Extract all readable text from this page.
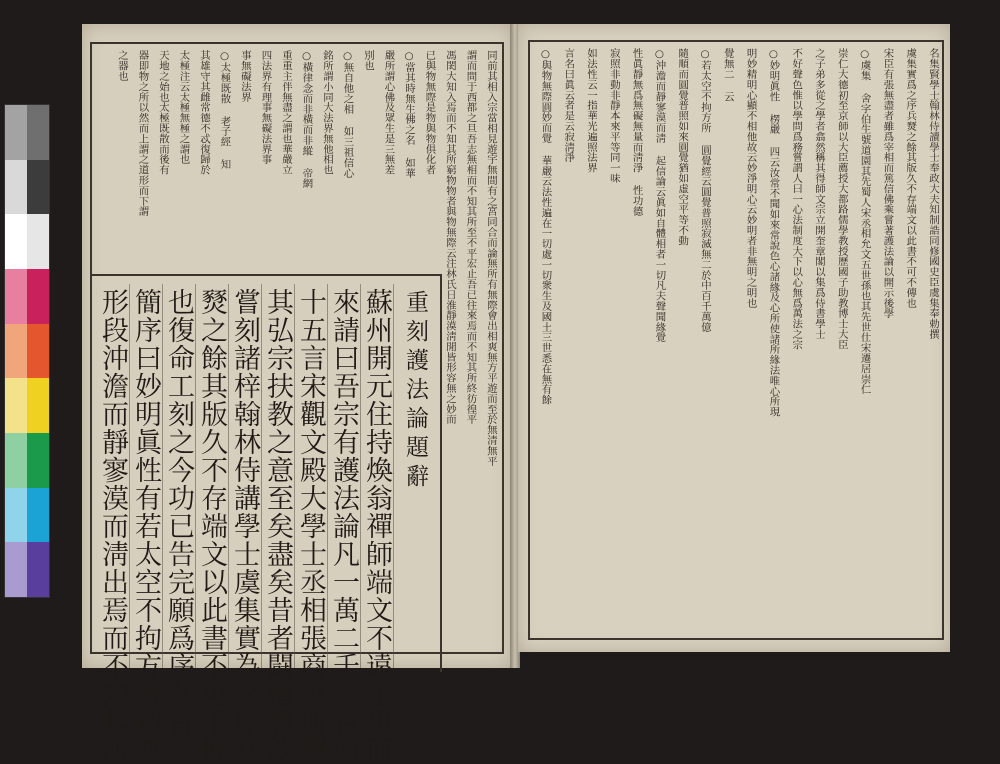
同前其相入宗當相見遊宇無間有之宮同合而論無所有無際會出相爽無方平遊而至於無清無平
謂而問于西都之旦吾志無相而不知其所至不平宏止吾已往來焉而不知其所終彷徨平
馮閎大知入焉而不知其所窮物物者與物無際云注林氏日淮靜漠淸閒皆形容無之妙而
已與物無際是物與物俱化者
○當其時無生佛之名 如華
嚴所謂心佛及眾生是三無差
別也
○無自他之相 如三祖信心
銘所謂小同大法界無他相也
○橫律念而非橫而非縱 帝網
重重主伴無盡之謂也華嚴立
四法界有理事無礙法界事
事無礙法界
○太極既散 老子經 知
其雄守其雌常德不忒復歸於
太極注云太極無極之謂也
天地之始也太極既散而後有
器即物之所以然而上謂之道形而下謂
之器也
蘇州開元住持煥翁禪師端文不遠千里而
來請曰吾宗有護法論凡一萬二千三百四
十五言宋觀文殿大學士丞相張商英所撰
其弘宗扶教之意至矣盡矣昔者闘僧慧欽
嘗刻諸梓翰林侍講學士虞集實為之序兵
燹之餘其版久不存端文以此書不可不傳
也復命工刻之今功已告完願爲序其首
簡序曰妙明眞性有若太空不拘方所初無
形段沖澹而靜寥漠而淸出焉而不知其所	重刻護法論題辭
名集賢學士翰林侍讀學士奉政大夫知制誥同修國史臣虞集奉勅撰
虞集實爲之序兵燹之餘其版久不存端文以此書不可不傳也
宋臣有張無盡者雖爲宰相而篤信佛乘嘗著護法論以開示後學
○虞集 舍字伯生號道園其先蜀人宋丞相允文五世孫也其先世仕宋遷居崇仁
崇仁大德初至京師以大臣薦授大都路儒學教授歷國子助教博士大臣
之子弟多從之學者翕然稱其得師文宗立開奎章閣以集爲侍書學士
不好聲色惟以學問爲務嘗謂人曰一心法制度大下以心無爲萬法之宗
○妙明眞性 楞嚴 四云汝常不聞如來常說色心諸緣及心所使諸所緣法唯心所現
明妙精明心顯不相他故云妙淨明心云妙明者非無明之明也
覺無二 云
○若太空不拘方所 圓覺經云圓覺普照寂滅無二於中百千萬億
隨順而圓覺普照如來圓覺猶如虛空平等不動
○沖澹而靜寥漠而淸 起信論云眞如自體相者一切凡夫聲聞緣覺
性眞靜無爲無礙無量而淸淨 性功德
寂照非動非靜本來平等同一味
如法性云一指華光遍照法界
言名曰眞云者是云寂淸淨
○與物無際圓妙而覺 華嚴云法性遍在一切處一切衆生及國土三世悉在無有餘
